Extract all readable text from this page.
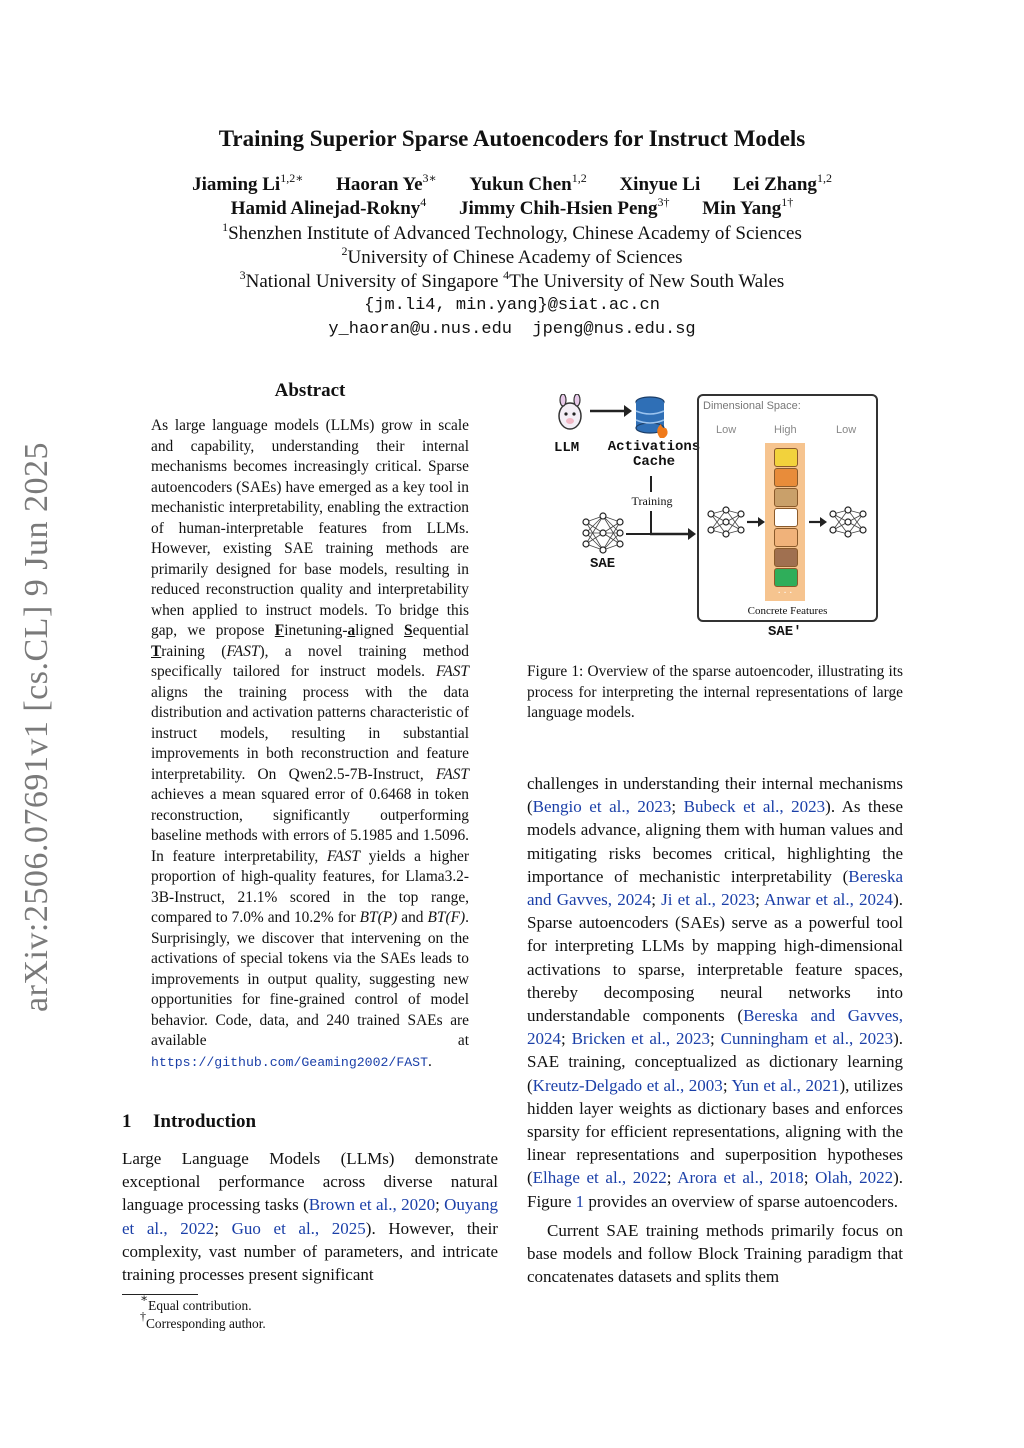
arXiv:2506.07691v1 [cs.CL] 9 Jun 2025
Training Superior Sparse Autoencoders for Instruct Models
Jiaming $Li^{1,2∗}$ Haoran $Ye^{3∗}$ Yukun Chen$^{1,2}$ Xinyue Li Lei Zhang$^{1,2}$
Hamid Alinejad-Rokny$^4$ Jimmy Chih-Hsien Peng$^{3\dagger}$ Min Yang$^{1\dagger}$
$^1$Shenzhen Institute of Advanced Technology, Chinese Academy of Sciences
$^2$University of Chinese Academy of Sciences
$^3$National University of Singapore $^4$The University of New South Wales
{jm.li4, min.yang}@siat.ac.cn
y_haoran@u.nus.edu  jpeng@nus.edu.sg
Abstract
As large language models (LLMs) grow in scale and capability, understanding their internal mechanisms becomes increasingly critical. Sparse autoencoders (SAEs) have emerged as a key tool in mechanistic interpretability, enabling the extraction of human-interpretable features from LLMs. However, existing SAE training methods are primarily designed for base models, resulting in reduced reconstruction quality and interpretability when applied to instruct models. To bridge this gap, we propose Finetuning-aligned Sequential Training (FAST), a novel training method specifically tailored for instruct models. FAST aligns the training process with the data distribution and activation patterns characteristic of instruct models, resulting in substantial improvements in both reconstruction and feature interpretability. On Qwen2.5-7B-Instruct, FAST achieves a mean squared error of 0.6468 in token reconstruction, significantly outperforming baseline methods with errors of 5.1985 and 1.5096. In feature interpretability, FAST yields a higher proportion of high-quality features, for Llama3.2-3B-Instruct, 21.1% scored in the top range, compared to 7.0% and 10.2% for BT(P) and BT(F). Surprisingly, we discover that intervening on the activations of special tokens via the SAEs leads to improvements in output quality, suggesting new opportunities for fine-grained control of model behavior. Code, data, and 240 trained SAEs are available at https://github.com/Geaming2002/FAST.
1 Introduction
Large Language Models (LLMs) demonstrate exceptional performance across diverse natural language processing tasks (Brown et al., 2020; Ouyang et al., 2022; Guo et al., 2025). However, their complexity, vast number of parameters, and intricate training processes present significant
∗Equal contribution.
†Corresponding author.
LLM Activations
Cache
Training
SAE
Dimensional Space:
Low	High	Low
· · ·
Concrete Features
SAE'
Figure 1: Overview of the sparse autoencoder, illustrating its process for interpreting the internal representations of large language models.

challenges in understanding their internal mechanisms (Bengio et al., 2023; Bubeck et al., 2023). As these models advance, aligning them with human values and mitigating risks becomes critical, highlighting the importance of mechanistic interpretability (Bereska and Gavves, 2024; Ji et al., 2023; Anwar et al., 2024). Sparse autoencoders (SAEs) serve as a powerful tool for interpreting LLMs by mapping high-dimensional activations to sparse, interpretable feature spaces, thereby decomposing neural networks into understandable components (Bereska and Gavves, 2024; Bricken et al., 2023; Cunningham et al., 2023). SAE training, conceptualized as dictionary learning (Kreutz-Delgado et al., 2003; Yun et al., 2021), utilizes hidden layer weights as dictionary bases and enforces sparsity for efficient representations, aligning with the linear representations and superposition hypotheses (Elhage et al., 2022; Arora et al., 2018; Olah, 2022). Figure 1 provides an overview of sparse autoencoders.

Current SAE training methods primarily focus on base models and follow Block Training paradigm that concatenates datasets and splits them
